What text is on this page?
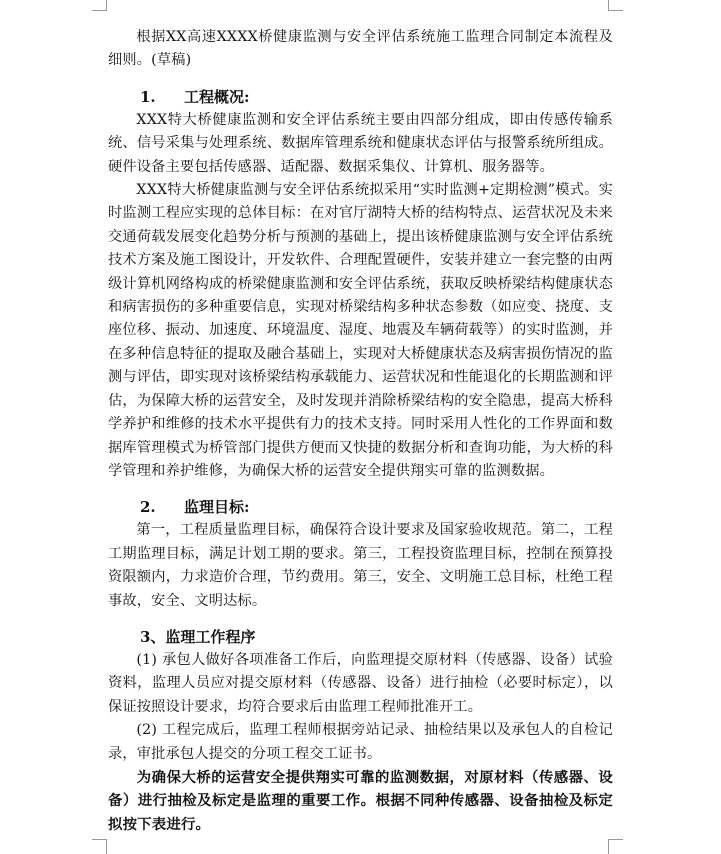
根据XX高速XXXX桥健康监测与安全评估系统施工监理合同制定本流程及细则。(草稿)

1. 工程概况:

XXX特大桥健康监测和安全评估系统主要由四部分组成，即由传感传输系统、信号采集与处理系统、数据库管理系统和健康状态评估与报警系统所组成。硬件设备主要包括传感器、适配器、数据采集仪、计算机、服务器等。

XXX特大桥健康监测与安全评估系统拟采用“实时监测+定期检测”模式。实时监测工程应实现的总体目标：在对官厅湖特大桥的结构特点、运营状况及未来交通荷载发展变化趋势分析与预测的基础上，提出该桥健康监测与安全评估系统技术方案及施工图设计，开发软件、合理配置硬件，安装并建立一套完整的由两级计算机网络构成的桥梁健康监测和安全评估系统，获取反映桥梁结构健康状态和病害损伤的多种重要信息，实现对桥梁结构多种状态参数（如应变、挠度、支座位移、振动、加速度、环境温度、湿度、地震及车辆荷载等）的实时监测，并在多种信息特征的提取及融合基础上，实现对大桥健康状态及病害损伤情况的监测与评估，即实现对该桥梁结构承载能力、运营状况和性能退化的长期监测和评估，为保障大桥的运营安全，及时发现并消除桥梁结构的安全隐患，提高大桥科学养护和维修的技术水平提供有力的技术支持。同时采用人性化的工作界面和数据库管理模式为桥管部门提供方便而又快捷的数据分析和查询功能，为大桥的科学管理和养护维修，为确保大桥的运营安全提供翔实可靠的监测数据。

2. 监理目标:

第一，工程质量监理目标，确保符合设计要求及国家验收规范。第二，工程工期监理目标，满足计划工期的要求。第三，工程投资监理目标，控制在预算投资限额内，力求造价合理，节约费用。第三，安全、文明施工总目标，杜绝工程事故，安全、文明达标。

3、监理工作程序

(1) 承包人做好各项准备工作后，向监理提交原材料（传感器、设备）试验资料，监理人员应对提交原材料（传感器、设备）进行抽检（必要时标定），以保证按照设计要求，均符合要求后由监理工程师批准开工。

(2) 工程完成后，监理工程师根据旁站记录、抽检结果以及承包人的自检记录，审批承包人提交的分项工程交工证书。

为确保大桥的运营安全提供翔实可靠的监测数据，对原材料（传感器、设备）进行抽检及标定是监理的重要工作。根据不同种传感器、设备抽检及标定拟按下表进行。
